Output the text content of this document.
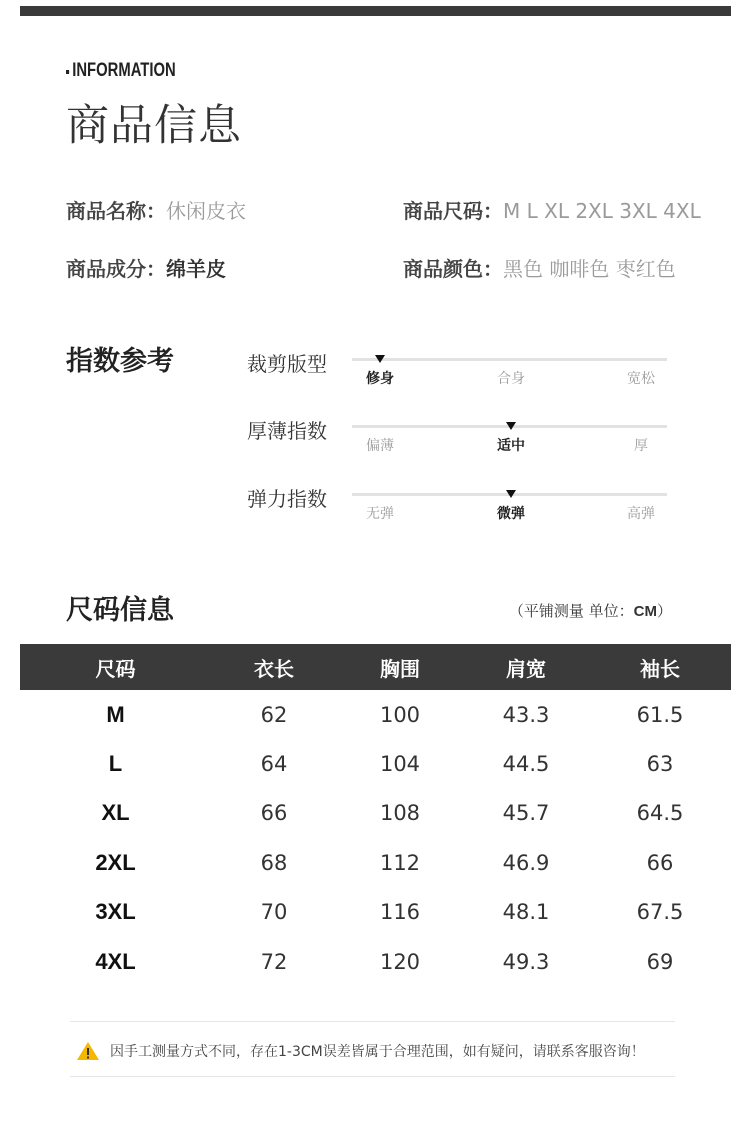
INFORMATION
商品信息
商品名称：休闲皮衣	商品尺码：M L XL 2XL 3XL 4XL
商品成分：绵羊皮	商品颜色：黑色 咖啡色 枣红色
指数参考	裁剪版型
修身	合身	宽松
厚薄指数
偏薄	适中	厚
弹力指数
无弹	微弹	高弹
尺码信息	（平铺测量 单位：CM）
尺码	衣长	胸围	肩宽	袖长
M	62	100	43.3	61.5
L	64	104	44.5	63
XL	66	108	45.7	64.5
2XL	68	112	46.9	66
3XL	70	116	48.1	67.5
4XL	72	120	49.3	69
因手工测量方式不同，存在1-3CM误差皆属于合理范围，如有疑问，请联系客服咨询！
